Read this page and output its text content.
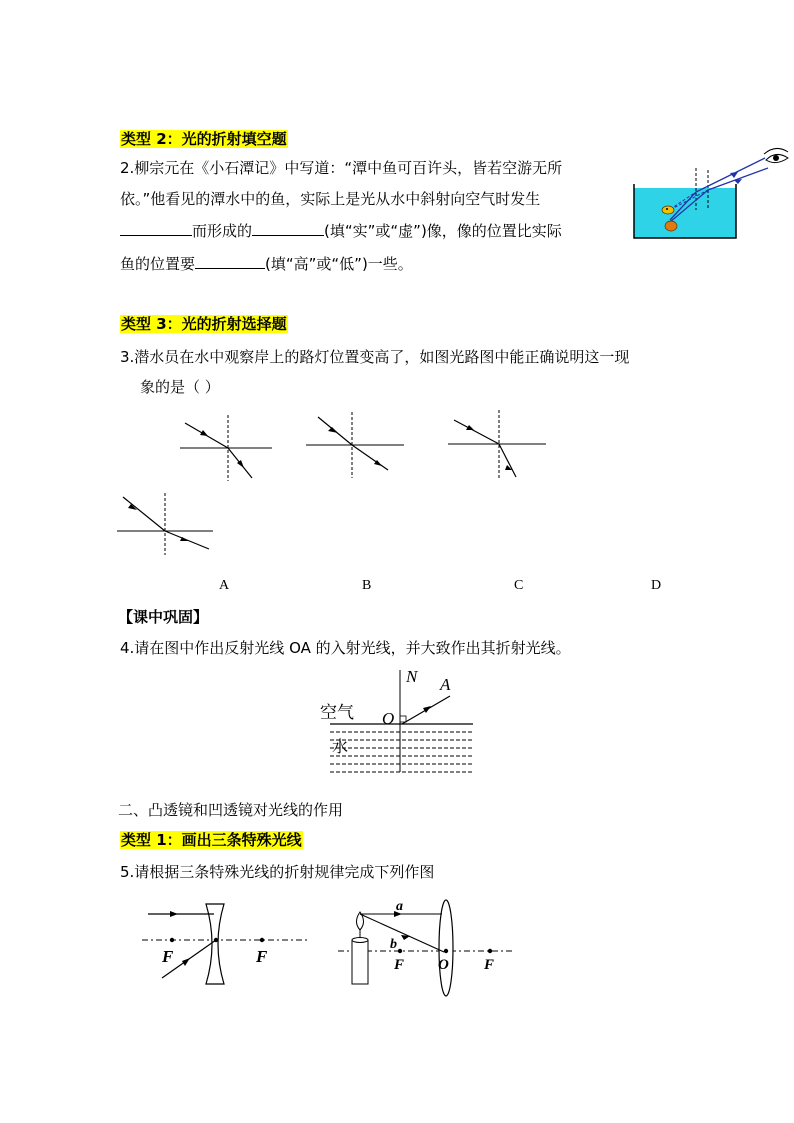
类型 2：光的折射填空题
2.柳宗元在《小石潭记》中写道：“潭中鱼可百许头，皆若空游无所
依。”他看见的潭水中的鱼，实际上是光从水中斜射向空气时发生
而形成的	(填“实”或“虚”)像，像的位置比实际
鱼的位置要	(填“高”或“低”)一些。
类型 3：光的折射选择题
3.潜水员在水中观察岸上的路灯位置变高了，如图光路图中能正确说明这一现
象的是（ ）
A	B	C	D
【课中巩固】
4.请在图中作出反射光线 OA 的入射光线，并大致作出其折射光线。
空气
水
O
N A
二、凸透镜和凹透镜对光线的作用
类型 1：画出三条特殊光线
5.请根据三条特殊光线的折射规律完成下列作图
F	F
a
b
F O F
